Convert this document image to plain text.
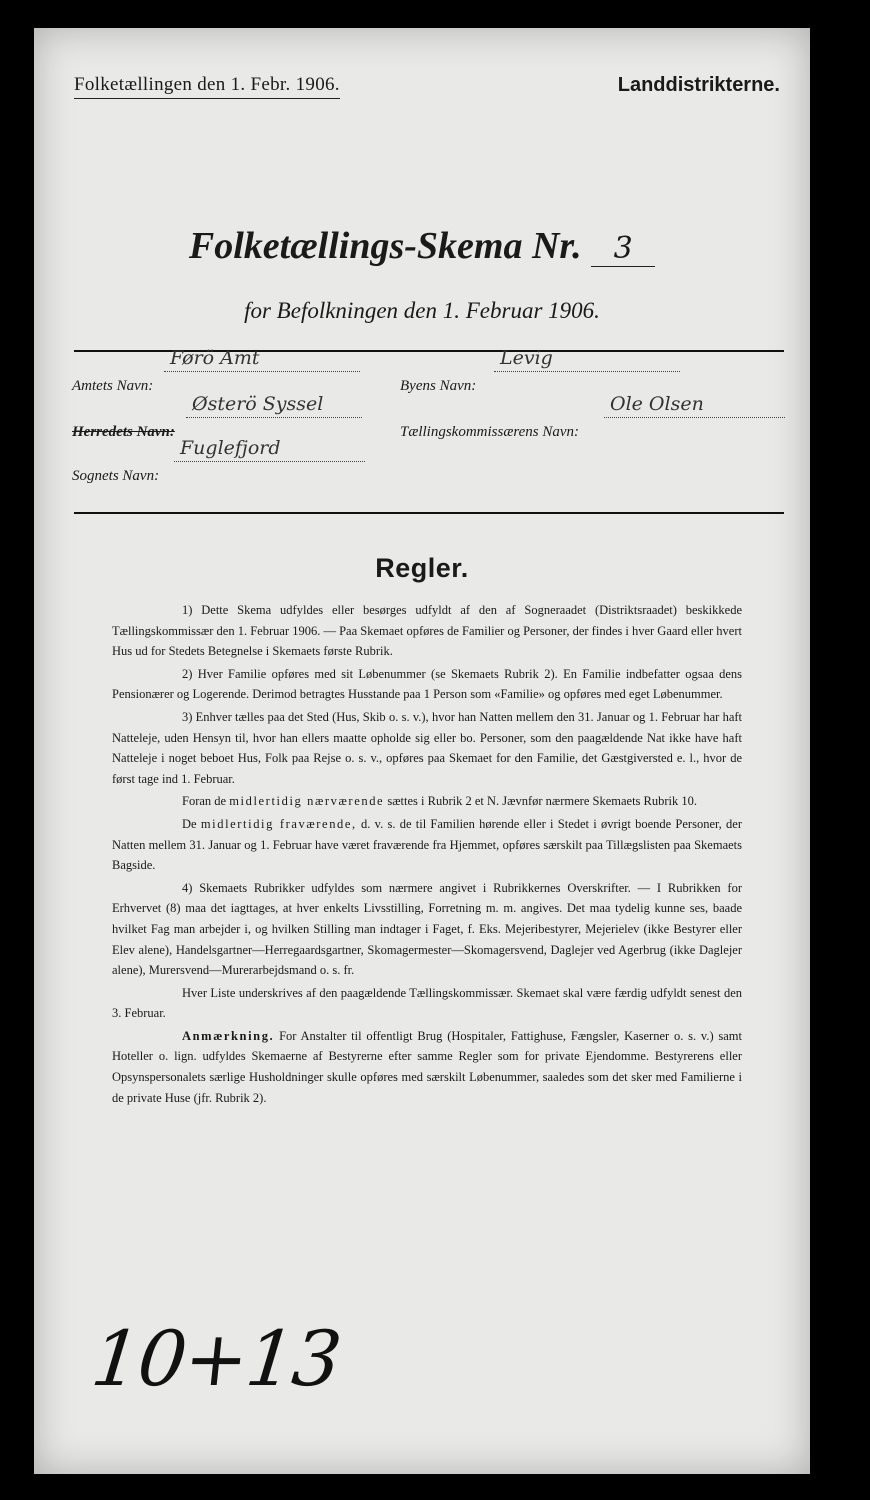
Folketællingen den 1. Febr. 1906.	Landdistrikterne.
Folketællings-Skema Nr. 3
for Befolkningen den 1. Februar 1906.
Amtets Navn:
Førö Amt
Byens Navn:
Levig
Herredets Navn:
Østerö Syssel
Tællingskommissærens Navn:
Ole Olsen
Sognets Navn:
Fuglefjord
Regler.

1) Dette Skema udfyldes eller besørges udfyldt af den af Sogneraadet (Distriktsraadet) beskikkede Tællingskommissær den 1. Februar 1906. — Paa Skemaet opføres de Familier og Personer, der findes i hver Gaard eller hvert Hus ud for Stedets Betegnelse i Skemaets første Rubrik.

2) Hver Familie opføres med sit Løbenummer (se Skemaets Rubrik 2). En Familie indbefatter ogsaa dens Pensionærer og Logerende. Derimod betragtes Husstande paa 1 Person som «Familie» og opføres med eget Løbenummer.

3) Enhver tælles paa det Sted (Hus, Skib o. s. v.), hvor han Natten mellem den 31. Januar og 1. Februar har haft Natteleje, uden Hensyn til, hvor han ellers maatte opholde sig eller bo. Personer, som den paagældende Nat ikke have haft Natteleje i noget beboet Hus, Folk paa Rejse o. s. v., opføres paa Skemaet for den Familie, det Gæstgiversted e. l., hvor de først tage ind 1. Februar.

Foran de midlertidig nærværende sættes i Rubrik 2 et N. Jævnfør nærmere Skemaets Rubrik 10.

De midlertidig fraværende, d. v. s. de til Familien hørende eller i Stedet i øvrigt boende Personer, der Natten mellem 31. Januar og 1. Februar have været fraværende fra Hjemmet, opføres særskilt paa Tillægslisten paa Skemaets Bagside.

4) Skemaets Rubrikker udfyldes som nærmere angivet i Rubrikkernes Overskrifter. — I Rubrikken for Erhvervet (8) maa det iagttages, at hver enkelts Livsstilling, Forretning m. m. angives. Det maa tydelig kunne ses, baade hvilket Fag man arbejder i, og hvilken Stilling man indtager i Faget, f. Eks. Mejeribestyrer, Mejerielev (ikke Bestyrer eller Elev alene), Handelsgartner—Herregaardsgartner, Skomagermester—Skomagersvend, Daglejer ved Agerbrug (ikke Daglejer alene), Murersvend—Murerarbejdsmand o. s. fr.

Hver Liste underskrives af den paagældende Tællingskommissær. Skemaet skal være færdig udfyldt senest den 3. Februar.

Anmærkning. For Anstalter til offentligt Brug (Hospitaler, Fattighuse, Fængsler, Kaserner o. s. v.) samt Hoteller o. lign. udfyldes Skemaerne af Bestyrerne efter samme Regler som for private Ejendomme. Bestyrerens eller Opsynspersonalets særlige Husholdninger skulle opføres med særskilt Løbenummer, saaledes som det sker med Familierne i de private Huse (jfr. Rubrik 2).

10+13
